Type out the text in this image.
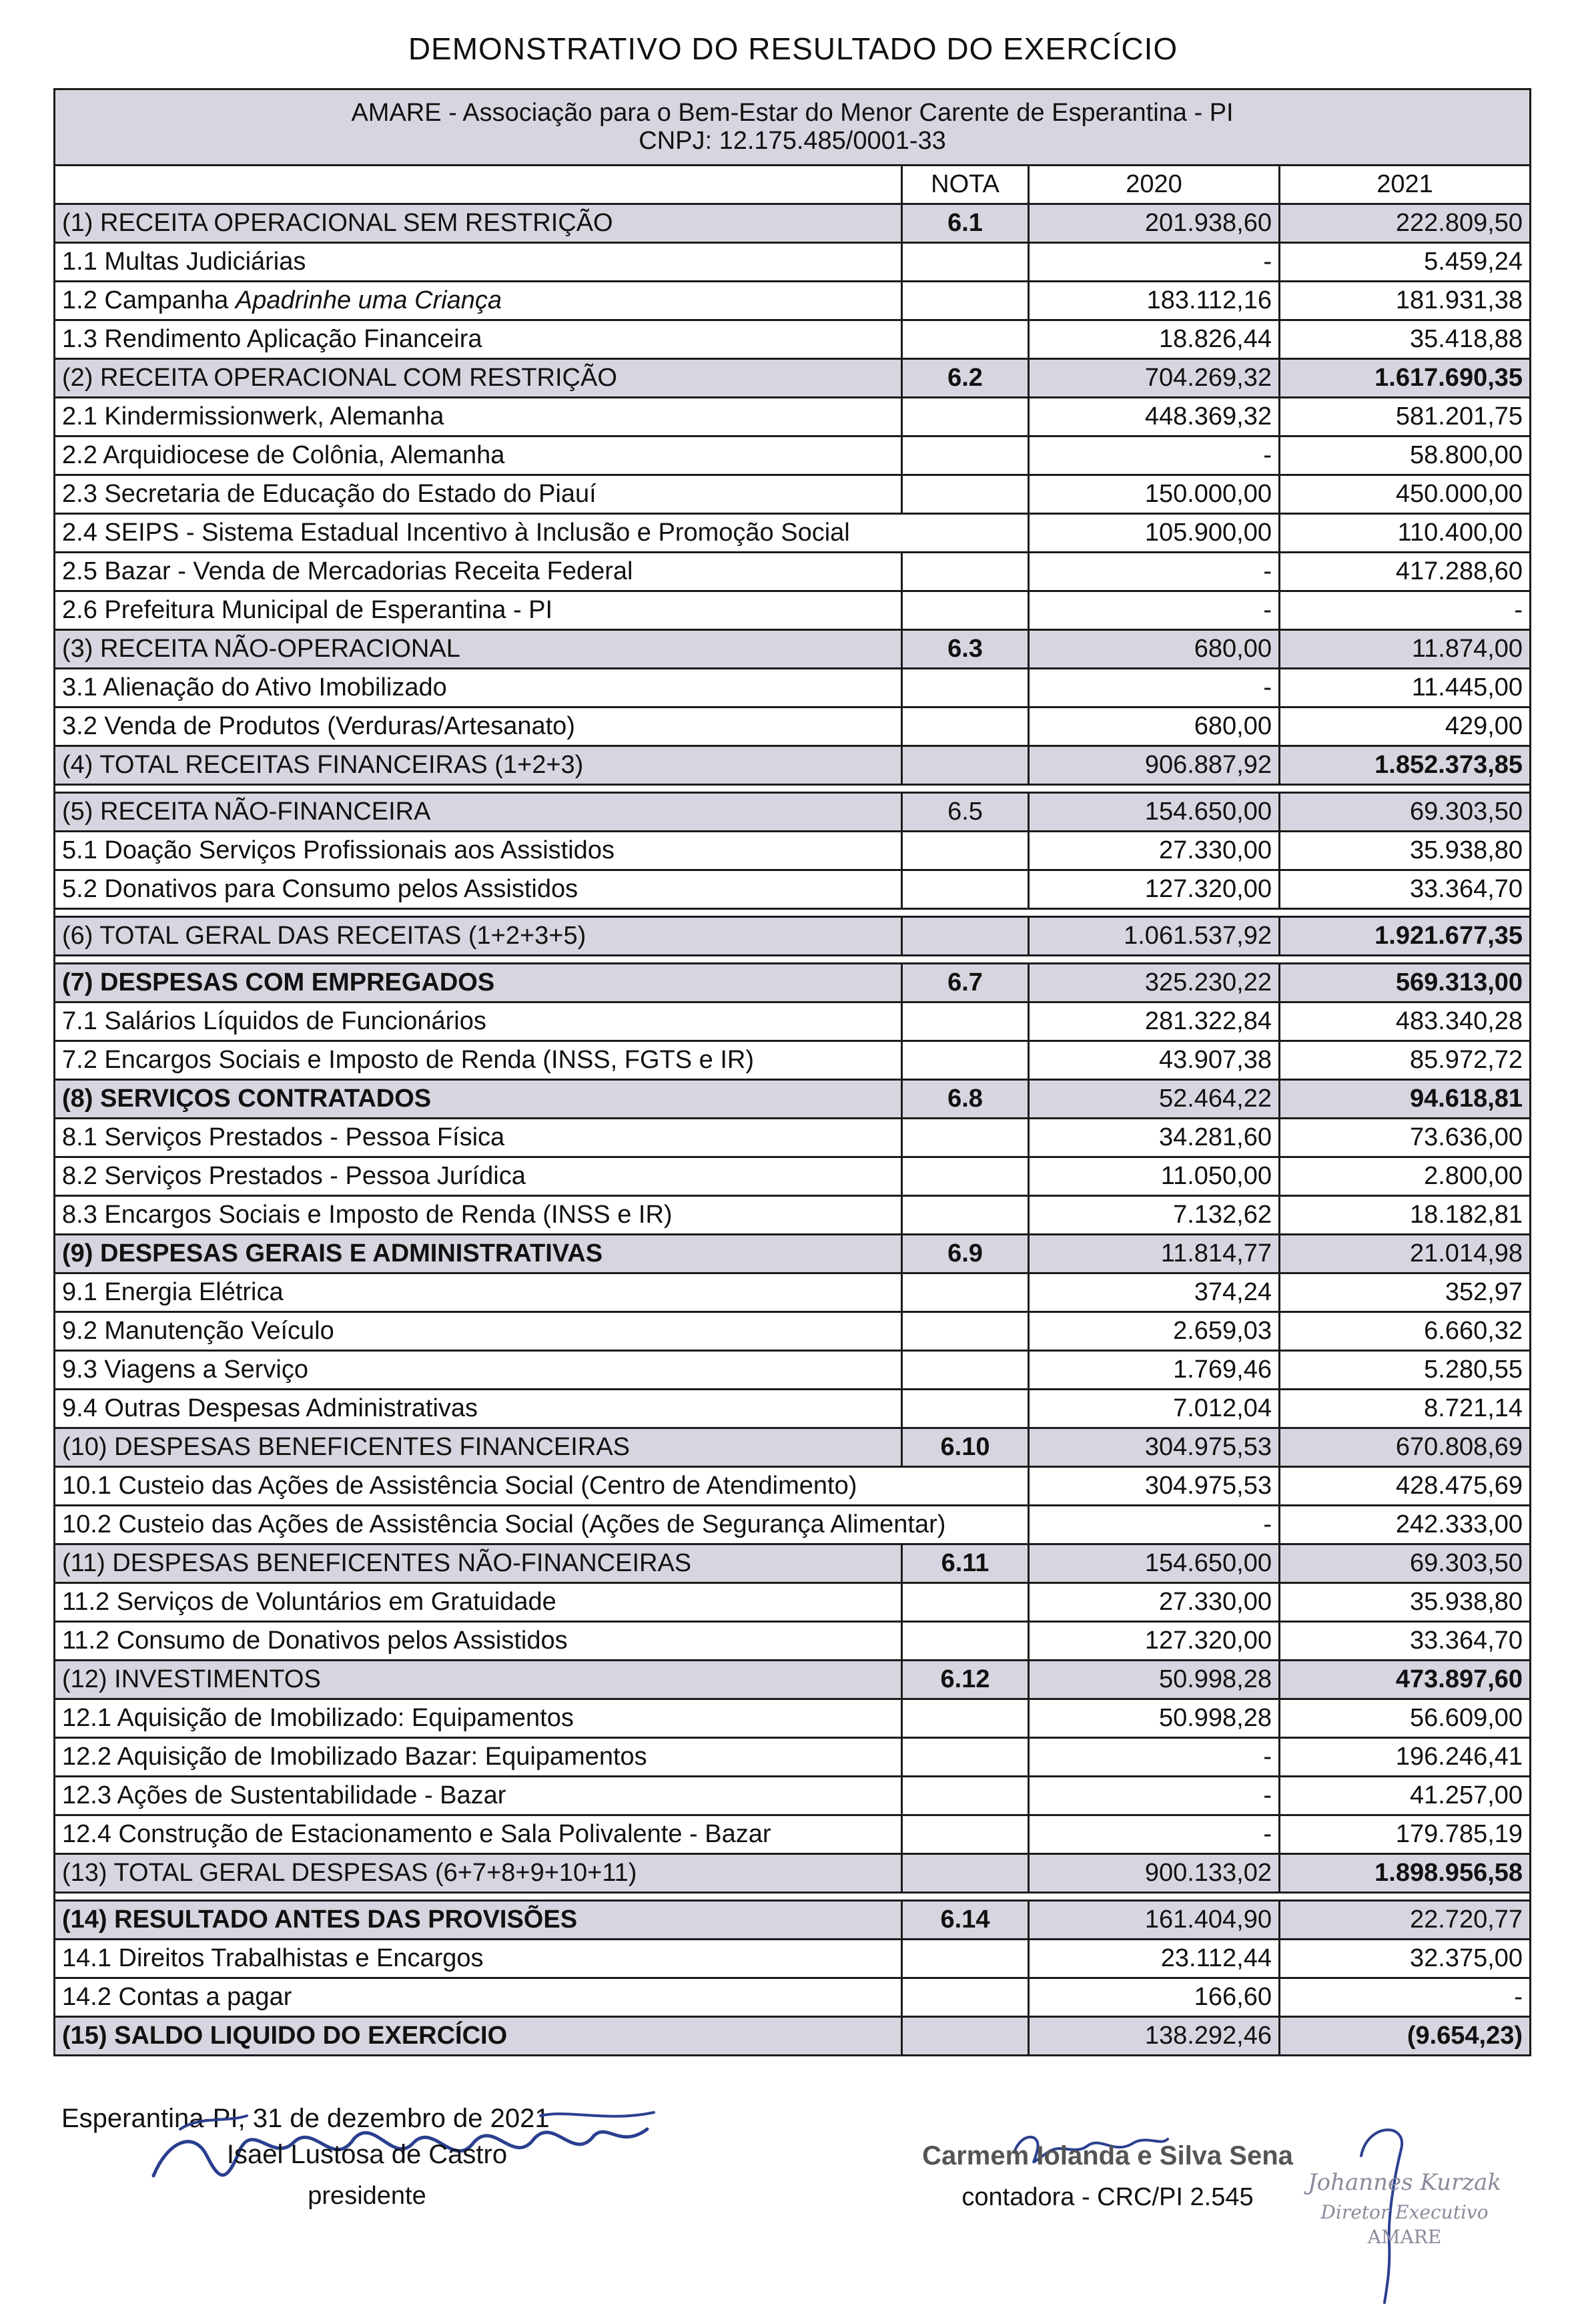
DEMONSTRATIVO DO RESULTADO DO EXERCÍCIO
AMARE - Associação para o Bem-Estar do Menor Carente de Esperantina - PI
CNPJ: 12.175.485/0001-33			

	NOTA	2020	2021
(1) RECEITA OPERACIONAL SEM RESTRIÇÃO	6.1	201.938,60	222.809,50
1.1 Multas Judiciárias		-	5.459,24
1.2 Campanha Apadrinhe uma Criança		183.112,16	181.931,38
1.3 Rendimento Aplicação Financeira		18.826,44	35.418,88
(2) RECEITA OPERACIONAL COM RESTRIÇÃO	6.2	704.269,32	1.617.690,35
2.1 Kindermissionwerk, Alemanha		448.369,32	581.201,75
2.2 Arquidiocese de Colônia, Alemanha		-	58.800,00
2.3 Secretaria de Educação do Estado do Piauí		150.000,00	450.000,00
2.4 SEIPS - Sistema Estadual Incentivo à Inclusão e Promoção Social		105.900,00	110.400,00
2.5 Bazar - Venda de Mercadorias Receita Federal		-	417.288,60
2.6 Prefeitura Municipal de Esperantina - PI		-	-
(3) RECEITA NÃO-OPERACIONAL	6.3	680,00	11.874,00
3.1 Alienação do Ativo Imobilizado		-	11.445,00
3.2 Venda de Produtos (Verduras/Artesanato)		680,00	429,00
(4) TOTAL RECEITAS FINANCEIRAS (1+2+3)		906.887,92	1.852.373,85

(5) RECEITA NÃO-FINANCEIRA	6.5	154.650,00	69.303,50
5.1 Doação Serviços Profissionais aos Assistidos		27.330,00	35.938,80
5.2 Donativos para Consumo pelos Assistidos		127.320,00	33.364,70

(6) TOTAL GERAL DAS RECEITAS (1+2+3+5)		1.061.537,92	1.921.677,35

(7) DESPESAS COM EMPREGADOS	6.7	325.230,22	569.313,00
7.1 Salários Líquidos de Funcionários		281.322,84	483.340,28
7.2 Encargos Sociais e Imposto de Renda (INSS, FGTS e IR)		43.907,38	85.972,72
(8) SERVIÇOS CONTRATADOS	6.8	52.464,22	94.618,81
8.1 Serviços Prestados - Pessoa Física		34.281,60	73.636,00
8.2 Serviços Prestados - Pessoa Jurídica		11.050,00	2.800,00
8.3 Encargos Sociais e Imposto de Renda (INSS e IR)		7.132,62	18.182,81
(9) DESPESAS GERAIS E ADMINISTRATIVAS	6.9	11.814,77	21.014,98
9.1 Energia Elétrica		374,24	352,97
9.2 Manutenção Veículo		2.659,03	6.660,32
9.3 Viagens a Serviço		1.769,46	5.280,55
9.4 Outras Despesas Administrativas		7.012,04	8.721,14
(10) DESPESAS BENEFICENTES FINANCEIRAS	6.10	304.975,53	670.808,69
10.1 Custeio das Ações de Assistência Social (Centro de Atendimento)		304.975,53	428.475,69
10.2 Custeio das Ações de Assistência Social (Ações de Segurança Alimentar)		-	242.333,00
(11) DESPESAS BENEFICENTES NÃO-FINANCEIRAS	6.11	154.650,00	69.303,50
11.2 Serviços de Voluntários em Gratuidade		27.330,00	35.938,80
11.2 Consumo de Donativos pelos Assistidos		127.320,00	33.364,70
(12) INVESTIMENTOS	6.12	50.998,28	473.897,60
12.1 Aquisição de Imobilizado: Equipamentos		50.998,28	56.609,00
12.2 Aquisição de Imobilizado Bazar: Equipamentos		-	196.246,41
12.3 Ações de Sustentabilidade - Bazar		-	41.257,00
12.4 Construção de Estacionamento e Sala Polivalente - Bazar		-	179.785,19
(13) TOTAL GERAL DESPESAS (6+7+8+9+10+11)		900.133,02	1.898.956,58

(14) RESULTADO ANTES DAS PROVISÕES	6.14	161.404,90	22.720,77
14.1 Direitos Trabalhistas e Encargos		23.112,44	32.375,00
14.2 Contas a pagar		166,60	-
(15) SALDO LIQUIDO DO EXERCÍCIO		138.292,46	(9.654,23)
Esperantina-PI, 31 de dezembro de 2021
Isael Lustosa de Castro
presidente
Carmem Iolanda e Silva Sena
contadora - CRC/PI 2.545
Johannes Kurzak
Diretor Executivo
AMARE
